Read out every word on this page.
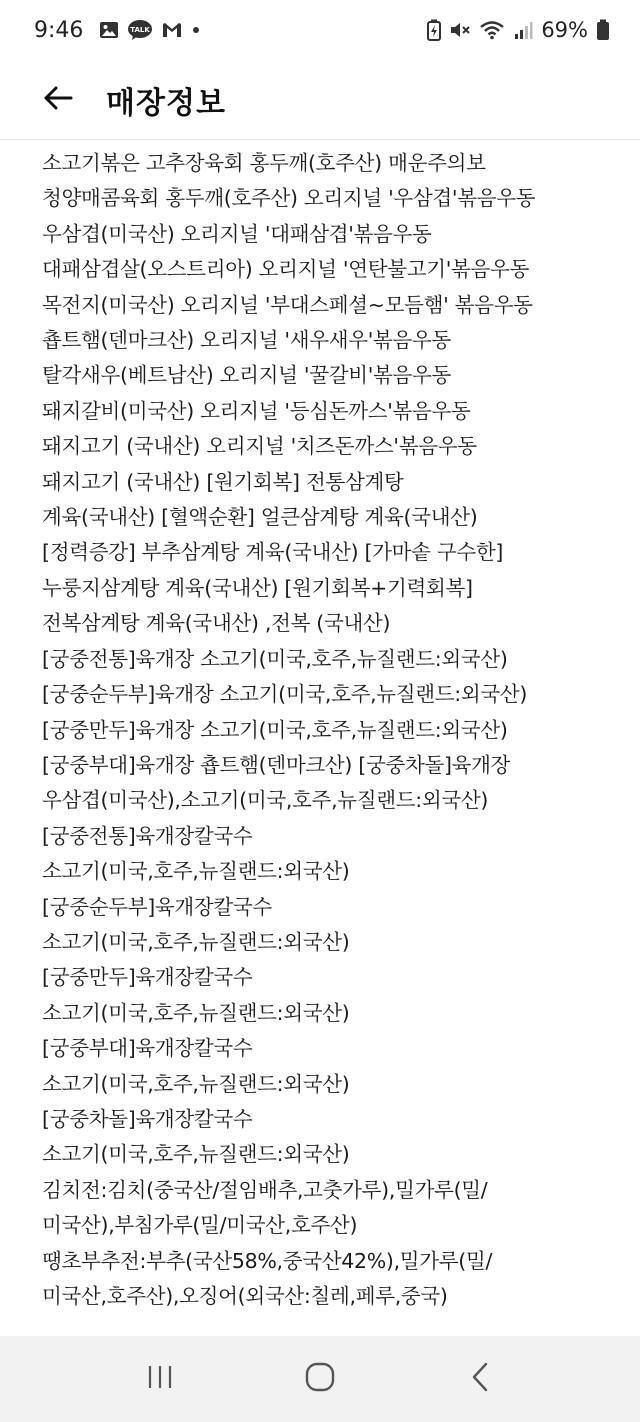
9:46	TALK	69%
매장정보
소고기볶은 고추장육회 홍두깨(호주산) 매운주의보
청양매콤육회 홍두깨(호주산) 오리지널 '우삼겹'볶음우동
우삼겹(미국산) 오리지널 '대패삼겹'볶음우동
대패삼겹살(오스트리아) 오리지널 '연탄불고기'볶음우동
목전지(미국산) 오리지널 '부대스페셜~모듬햄' 볶음우동
춉트햄(덴마크산) 오리지널 '새우새우'볶음우동
탈각새우(베트남산) 오리지널 '꿀갈비'볶음우동
돼지갈비(미국산) 오리지널 '등심돈까스'볶음우동
돼지고기 (국내산) 오리지널 '치즈돈까스'볶음우동
돼지고기 (국내산) [원기회복] 전통삼계탕
계육(국내산) [혈액순환] 얼큰삼계탕 계육(국내산)
[정력증강] 부추삼계탕 계육(국내산) [가마솥 구수한]
누룽지삼계탕 계육(국내산) [원기회복+기력회복]
전복삼계탕 계육(국내산) ,전복 (국내산)
[궁중전통]육개장 소고기(미국,호주,뉴질랜드:외국산)
[궁중순두부]육개장 소고기(미국,호주,뉴질랜드:외국산)
[궁중만두]육개장 소고기(미국,호주,뉴질랜드:외국산)
[궁중부대]육개장 춉트햄(덴마크산) [궁중차돌]육개장
우삼겹(미국산),소고기(미국,호주,뉴질랜드:외국산)
[궁중전통]육개장칼국수
소고기(미국,호주,뉴질랜드:외국산)
[궁중순두부]육개장칼국수
소고기(미국,호주,뉴질랜드:외국산)
[궁중만두]육개장칼국수
소고기(미국,호주,뉴질랜드:외국산)
[궁중부대]육개장칼국수
소고기(미국,호주,뉴질랜드:외국산)
[궁중차돌]육개장칼국수
소고기(미국,호주,뉴질랜드:외국산)
김치전:김치(중국산/절임배추,고춧가루),밀가루(밀/
미국산),부침가루(밀/미국산,호주산)
땡초부추전:부추(국산58%,중국산42%),밀가루(밀/
미국산,호주산),오징어(외국산:칠레,페루,중국)
